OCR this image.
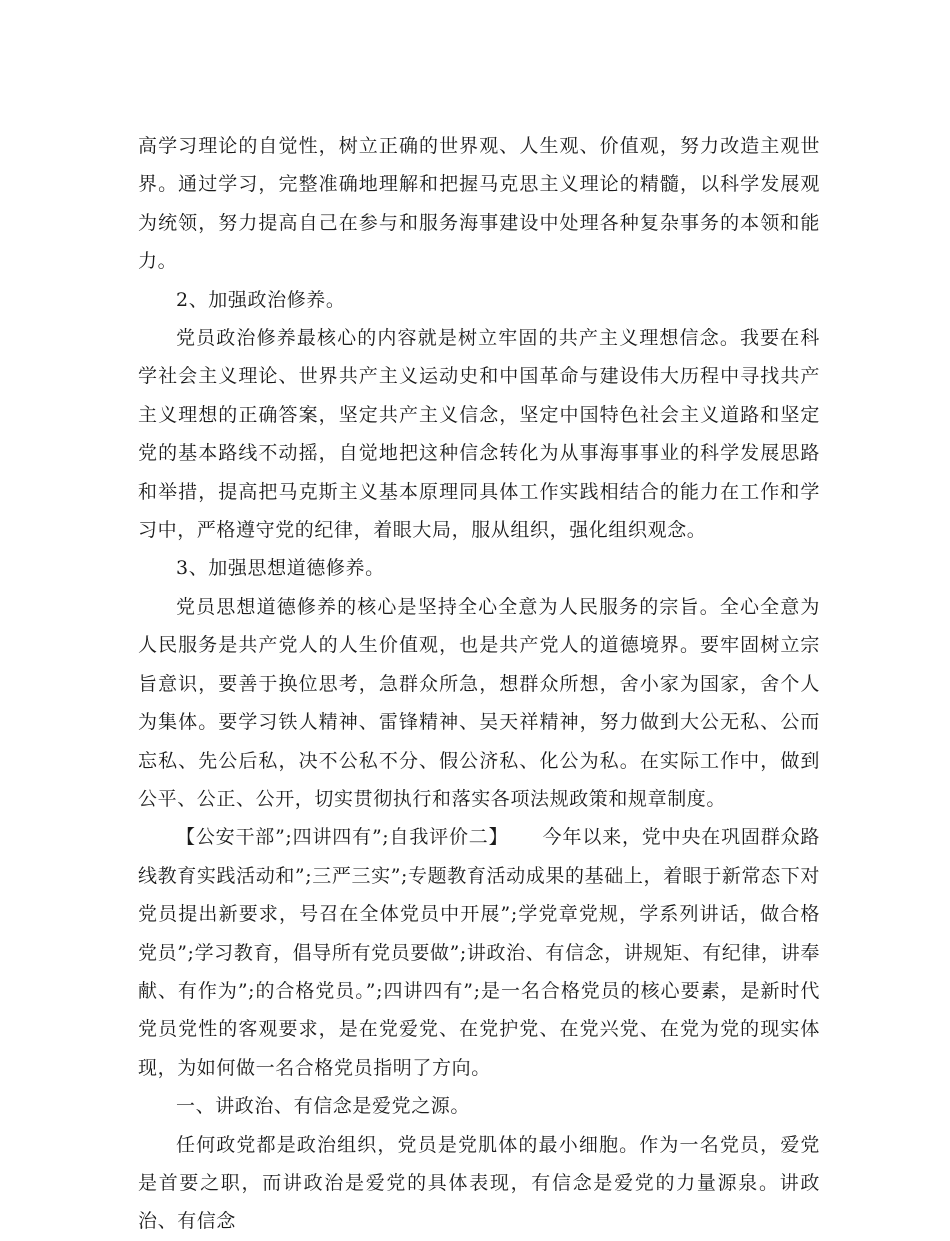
高学习理论的自觉性，树立正确的世界观、人生观、价值观，努力改造主观世界。通过学习，完整准确地理解和把握马克思主义理论的精髓，以科学发展观为统领，努力提高自己在参与和服务海事建设中处理各种复杂事务的本领和能力。

2、加强政治修养。

党员政治修养最核心的内容就是树立牢固的共产主义理想信念。我要在科学社会主义理论、世界共产主义运动史和中国革命与建设伟大历程中寻找共产主义理想的正确答案，坚定共产主义信念，坚定中国特色社会主义道路和坚定党的基本路线不动摇，自觉地把这种信念转化为从事海事事业的科学发展思路和举措，提高把马克斯主义基本原理同具体工作实践相结合的能力在工作和学习中，严格遵守党的纪律，着眼大局，服从组织，强化组织观念。

3、加强思想道德修养。

党员思想道德修养的核心是坚持全心全意为人民服务的宗旨。全心全意为人民服务是共产党人的人生价值观，也是共产党人的道德境界。要牢固树立宗旨意识，要善于换位思考，急群众所急，想群众所想，舍小家为国家，舍个人为集体。要学习铁人精神、雷锋精神、吴天祥精神，努力做到大公无私、公而忘私、先公后私，决不公私不分、假公济私、化公为私。在实际工作中，做到公平、公正、公开，切实贯彻执行和落实各项法规政策和规章制度。

【公安干部”;四讲四有”;自我评价二】 今年以来，党中央在巩固群众路线教育实践活动和”;三严三实”;专题教育活动成果的基础上，着眼于新常态下对党员提出新要求，号召在全体党员中开展”;学党章党规，学系列讲话，做合格党员”;学习教育，倡导所有党员要做”;讲政治、有信念，讲规矩、有纪律，讲奉献、有作为”;的合格党员。”;四讲四有”;是一名合格党员的核心要素，是新时代党员党性的客观要求，是在党爱党、在党护党、在党兴党、在党为党的现实体现，为如何做一名合格党员指明了方向。

一、讲政治、有信念是爱党之源。

任何政党都是政治组织，党员是党肌体的最小细胞。作为一名党员，爱党是首要之职，而讲政治是爱党的具体表现，有信念是爱党的力量源泉。讲政治、有信念
